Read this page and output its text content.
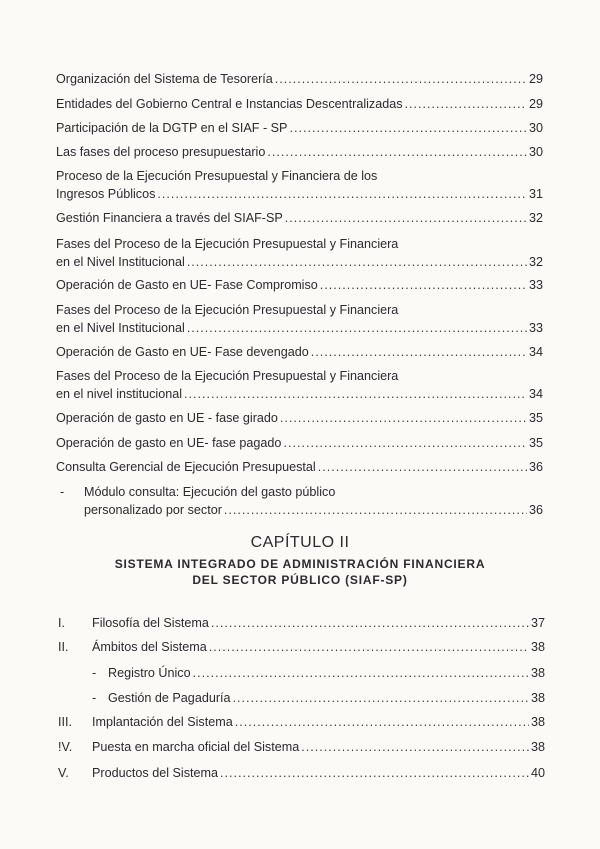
Organización del Sistema de Tesorería .....	29
Entidades del Gobierno Central e Instancias Descentralizadas .....	29
Participación de la DGTP en el SIAF - SP .....	30
Las fases del proceso presupuestario .....	30
Proceso de la Ejecución Presupuestal y Financiera de los
Ingresos Públicos .....	31
Gestión Financiera a través del SIAF-SP .....	32
Fases del Proceso de la Ejecución Presupuestal y Financiera
en el Nivel Institucional .....	32
Operación de Gasto en UE- Fase Compromiso .....	33
Fases del Proceso de la Ejecución Presupuestal y Financiera
en el Nivel Institucional .....	33
Operación de Gasto en UE- Fase devengado .....	34
Fases del Proceso de la Ejecución Presupuestal y Financiera
en el nivel institucional .....	34
Operación de gasto en UE - fase girado .....	35
Operación de gasto en UE- fase pagado .....	35
Consulta Gerencial de Ejecución Presupuestal .....	36
- Módulo consulta: Ejecución del gasto público
personalizado por sector .....	36
CAPÍTULO II
SISTEMA INTEGRADO DE ADMINISTRACIÓN FINANCIERA
DEL SECTOR PÚBLICO (SIAF-SP)
I. Filosofía del Sistema .....	37
II. Ámbitos del Sistema .....	38
- Registro Único .....	38
- Gestión de Pagaduría .....	38
III. Implantación del Sistema .....	38
!V. Puesta en marcha oficial del Sistema .....	38
V. Productos del Sistema .....	40
